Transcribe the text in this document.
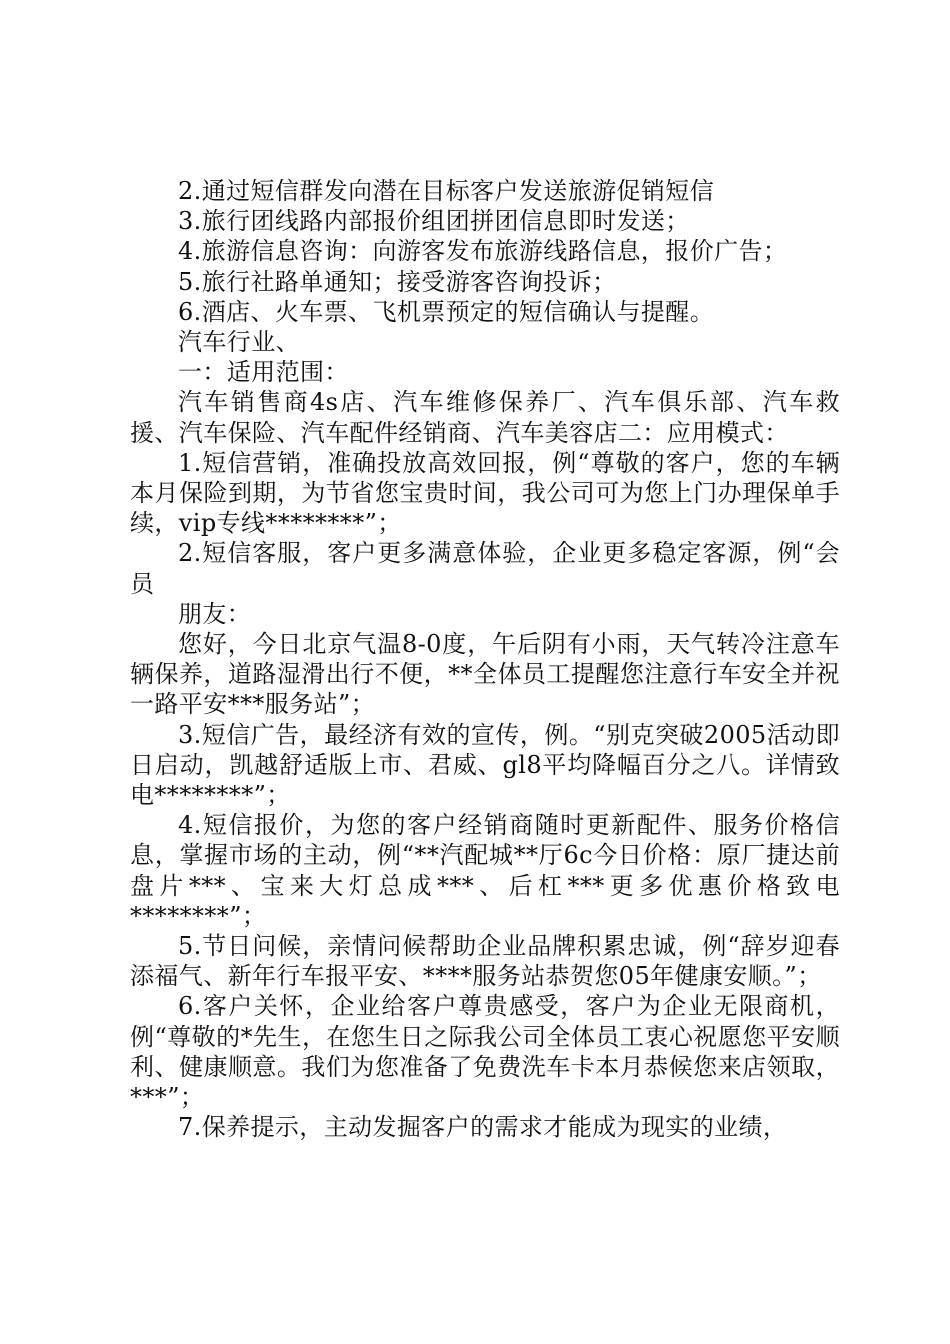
2.通过短信群发向潜在目标客户发送旅游促销短信

3.旅行团线路内部报价组团拼团信息即时发送；

4.旅游信息咨询：向游客发布旅游线路信息，报价广告；

5.旅行社路单通知；接受游客咨询投诉；

6.酒店、火车票、飞机票预定的短信确认与提醒。

汽车行业、

一：适用范围：

汽车销售商4s店、汽车维修保养厂、汽车俱乐部、汽车救援、汽车保险、汽车配件经销商、汽车美容店二：应用模式：

1.短信营销，准确投放高效回报，例“尊敬的客户，您的车辆本月保险到期，为节省您宝贵时间，我公司可为您上门办理保单手续，vip专线********”；

2.短信客服，客户更多满意体验，企业更多稳定客源，例“会员

朋友：

您好，今日北京气温8-0度，午后阴有小雨，天气转冷注意车辆保养，道路湿滑出行不便，**全体员工提醒您注意行车安全并祝一路平安***服务站”；

3.短信广告，最经济有效的宣传，例。“别克突破2005活动即日启动，凯越舒适版上市、君威、gl8平均降幅百分之八。详情致电********”；

4.短信报价，为您的客户经销商随时更新配件、服务价格信息，掌握市场的主动，例“**汽配城**厅6c今日价格：原厂捷达前盘片***、宝来大灯总成***、后杠***更多优惠价格致电********”；

5.节日问候，亲情问候帮助企业品牌积累忠诚，例“辞岁迎春添福气、新年行车报平安、****服务站恭贺您05年健康安顺。”；

6.客户关怀，企业给客户尊贵感受，客户为企业无限商机，例“尊敬的*先生，在您生日之际我公司全体员工衷心祝愿您平安顺利、健康顺意。我们为您准备了免费洗车卡本月恭候您来店领取，***”；

7.保养提示，主动发掘客户的需求才能成为现实的业绩，
